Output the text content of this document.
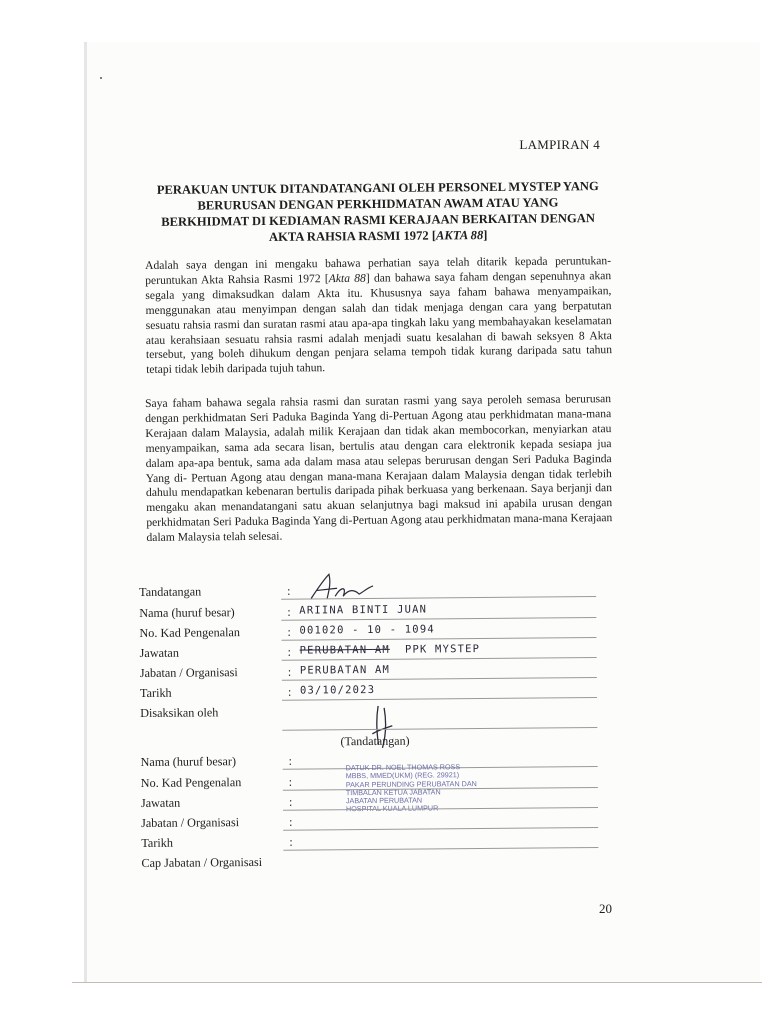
LAMPIRAN 4
PERAKUAN UNTUK DITANDATANGANI OLEH PERSONEL MYSTEP YANG
BERURUSAN DENGAN PERKHIDMATAN AWAM ATAU YANG
BERKHIDMAT DI KEDIAMAN RASMI KERAJAAN BERKAITAN DENGAN
AKTA RAHSIA RASMI 1972 [AKTA 88]
Adalah saya dengan ini mengaku bahawa perhatian saya telah ditarik kepada peruntukan-peruntukan Akta Rahsia Rasmi 1972 [Akta 88] dan bahawa saya faham dengan sepenuhnya akan segala yang dimaksudkan dalam Akta itu. Khususnya saya faham bahawa menyampaikan, menggunakan atau menyimpan dengan salah dan tidak menjaga dengan cara yang berpatutan sesuatu rahsia rasmi dan suratan rasmi atau apa-apa tingkah laku yang membahayakan keselamatan atau kerahsiaan sesuatu rahsia rasmi adalah menjadi suatu kesalahan di bawah seksyen 8 Akta tersebut, yang boleh dihukum dengan penjara selama tempoh tidak kurang daripada satu tahun tetapi tidak lebih daripada tujuh tahun.
Saya faham bahawa segala rahsia rasmi dan suratan rasmi yang saya peroleh semasa berurusan dengan perkhidmatan Seri Paduka Baginda Yang di-Pertuan Agong atau perkhidmatan mana-mana Kerajaan dalam Malaysia, adalah milik Kerajaan dan tidak akan membocorkan, menyiarkan atau menyampaikan, sama ada secara lisan, bertulis atau dengan cara elektronik kepada sesiapa jua dalam apa-apa bentuk, sama ada dalam masa atau selepas berurusan dengan Seri Paduka Baginda Yang di- Pertuan Agong atau dengan mana-mana Kerajaan dalam Malaysia dengan tidak terlebih dahulu mendapatkan kebenaran bertulis daripada pihak berkuasa yang berkenaan. Saya berjanji dan mengaku akan menandatangani satu akuan selanjutnya bagi maksud ini apabila urusan dengan perkhidmatan Seri Paduka Baginda Yang di-Pertuan Agong atau perkhidmatan mana-mana Kerajaan dalam Malaysia telah selesai.
Tandatangan	:
Nama (huruf besar)	: ARIINA BINTI JUAN
No. Kad Pengenalan	: 001020 - 10 - 1094
Jawatan	: PERUBATAN AM PPK MYSTEP
Jabatan / Organisasi	: PERUBATAN AM
Tarikh	: 03/10/2023
Disaksikan oleh
(Tandatangan)
Nama (huruf besar)	:	DATUK DR. NOEL THOMAS ROSS
MBBS, MMED(UKM) (REG. 29921)
PAKAR PERUNDING PERUBATAN DAN
TIMBALAN KETUA JABATAN
JABATAN PERUBATAN
HOSPITAL KUALA LUMPUR
No. Kad Pengenalan	:
Jawatan	:
Jabatan / Organisasi	:
Tarikh	:
Cap Jabatan / Organisasi
20
